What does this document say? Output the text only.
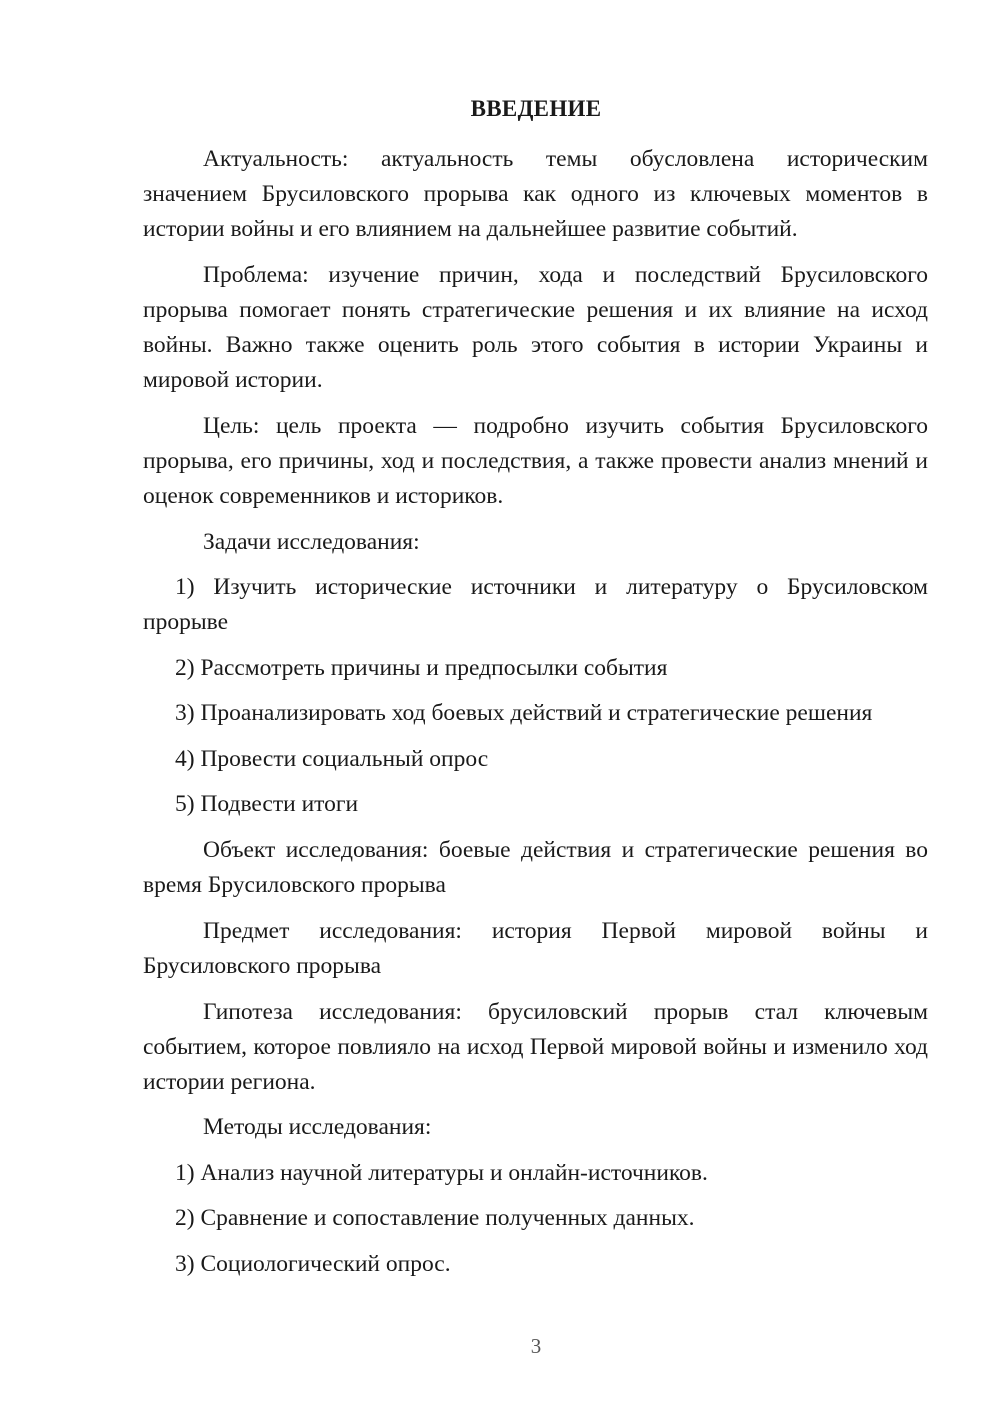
ВВЕДЕНИЕ

Актуальность: актуальность темы обусловлена историческим значением Брусиловского прорыва как одного из ключевых моментов в истории войны и его влиянием на дальнейшее развитие событий.

Проблема: изучение причин, хода и последствий Брусиловского прорыва помогает понять стратегические решения и их влияние на исход войны. Важно также оценить роль этого события в истории Украины и мировой истории.

Цель: цель проекта — подробно изучить события Брусиловского прорыва, его причины, ход и последствия, а также провести анализ мнений и оценок современников и историков.

Задачи исследования:

1) Изучить исторические источники и литературу о Брусиловском прорыве

2) Рассмотреть причины и предпосылки события

3) Проанализировать ход боевых действий и стратегические решения

4) Провести социальный опрос

5) Подвести итоги

Объект исследования: боевые действия и стратегические решения во время Брусиловского прорыва

Предмет исследования: история Первой мировой войны и Брусиловского прорыва

Гипотеза исследования: брусиловский прорыв стал ключевым событием, которое повлияло на исход Первой мировой войны и изменило ход истории региона.

Методы исследования:

1) Анализ научной литературы и онлайн-источников.

2) Сравнение и сопоставление полученных данных.

3) Социологический опрос.

3
